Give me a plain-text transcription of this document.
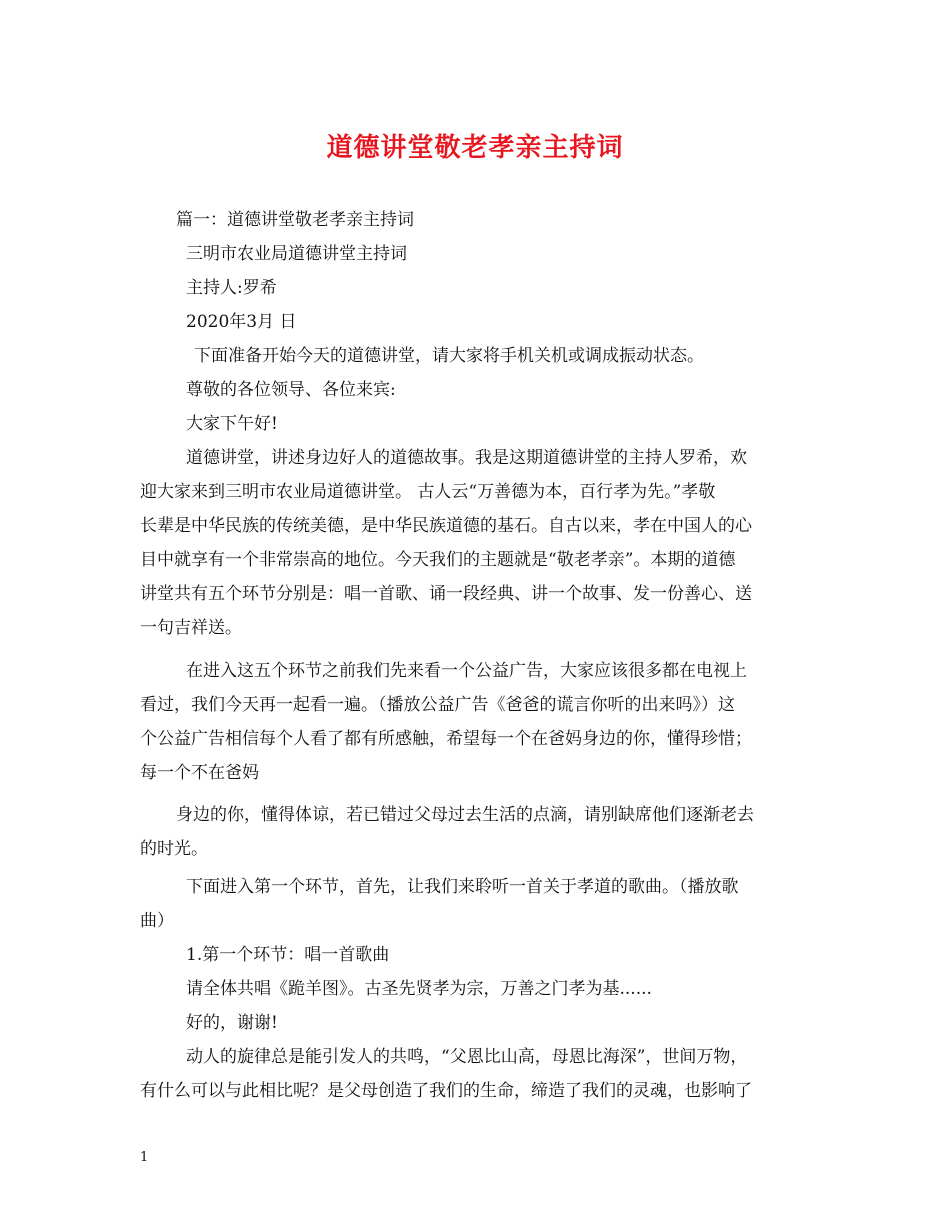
道德讲堂敬老孝亲主持词

篇一：道德讲堂敬老孝亲主持词

三明市农业局道德讲堂主持词

主持人:罗希

2020年3月 日

下面准备开始今天的道德讲堂，请大家将手机关机或调成振动状态。

尊敬的各位领导、各位来宾:

大家下午好!

道德讲堂，讲述身边好人的道德故事。我是这期道德讲堂的主持人罗希，欢

迎大家来到三明市农业局道德讲堂。 古人云“万善德为本，百行孝为先。”孝敬

长辈是中华民族的传统美德，是中华民族道德的基石。自古以来，孝在中国人的心

目中就享有一个非常崇高的地位。今天我们的主题就是“敬老孝亲”。本期的道德

讲堂共有五个环节分别是：唱一首歌、诵一段经典、讲一个故事、发一份善心、送

一句吉祥送。

在进入这五个环节之前我们先来看一个公益广告，大家应该很多都在电视上

看过，我们今天再一起看一遍。（播放公益广告《爸爸的谎言你听的出来吗》）这

个公益广告相信每个人看了都有所感触，希望每一个在爸妈身边的你，懂得珍惜；

每一个不在爸妈

身边的你，懂得体谅，若已错过父母过去生活的点滴，请别缺席他们逐渐老去

的时光。

下面进入第一个环节，首先，让我们来聆听一首关于孝道的歌曲。（播放歌

曲）

1.第一个环节：唱一首歌曲

请全体共唱《跪羊图》。古圣先贤孝为宗，万善之门孝为基......

好的，谢谢!

动人的旋律总是能引发人的共鸣，“父恩比山高，母恩比海深”，世间万物，

有什么可以与此相比呢？是父母创造了我们的生命，缔造了我们的灵魂，也影响了

1
